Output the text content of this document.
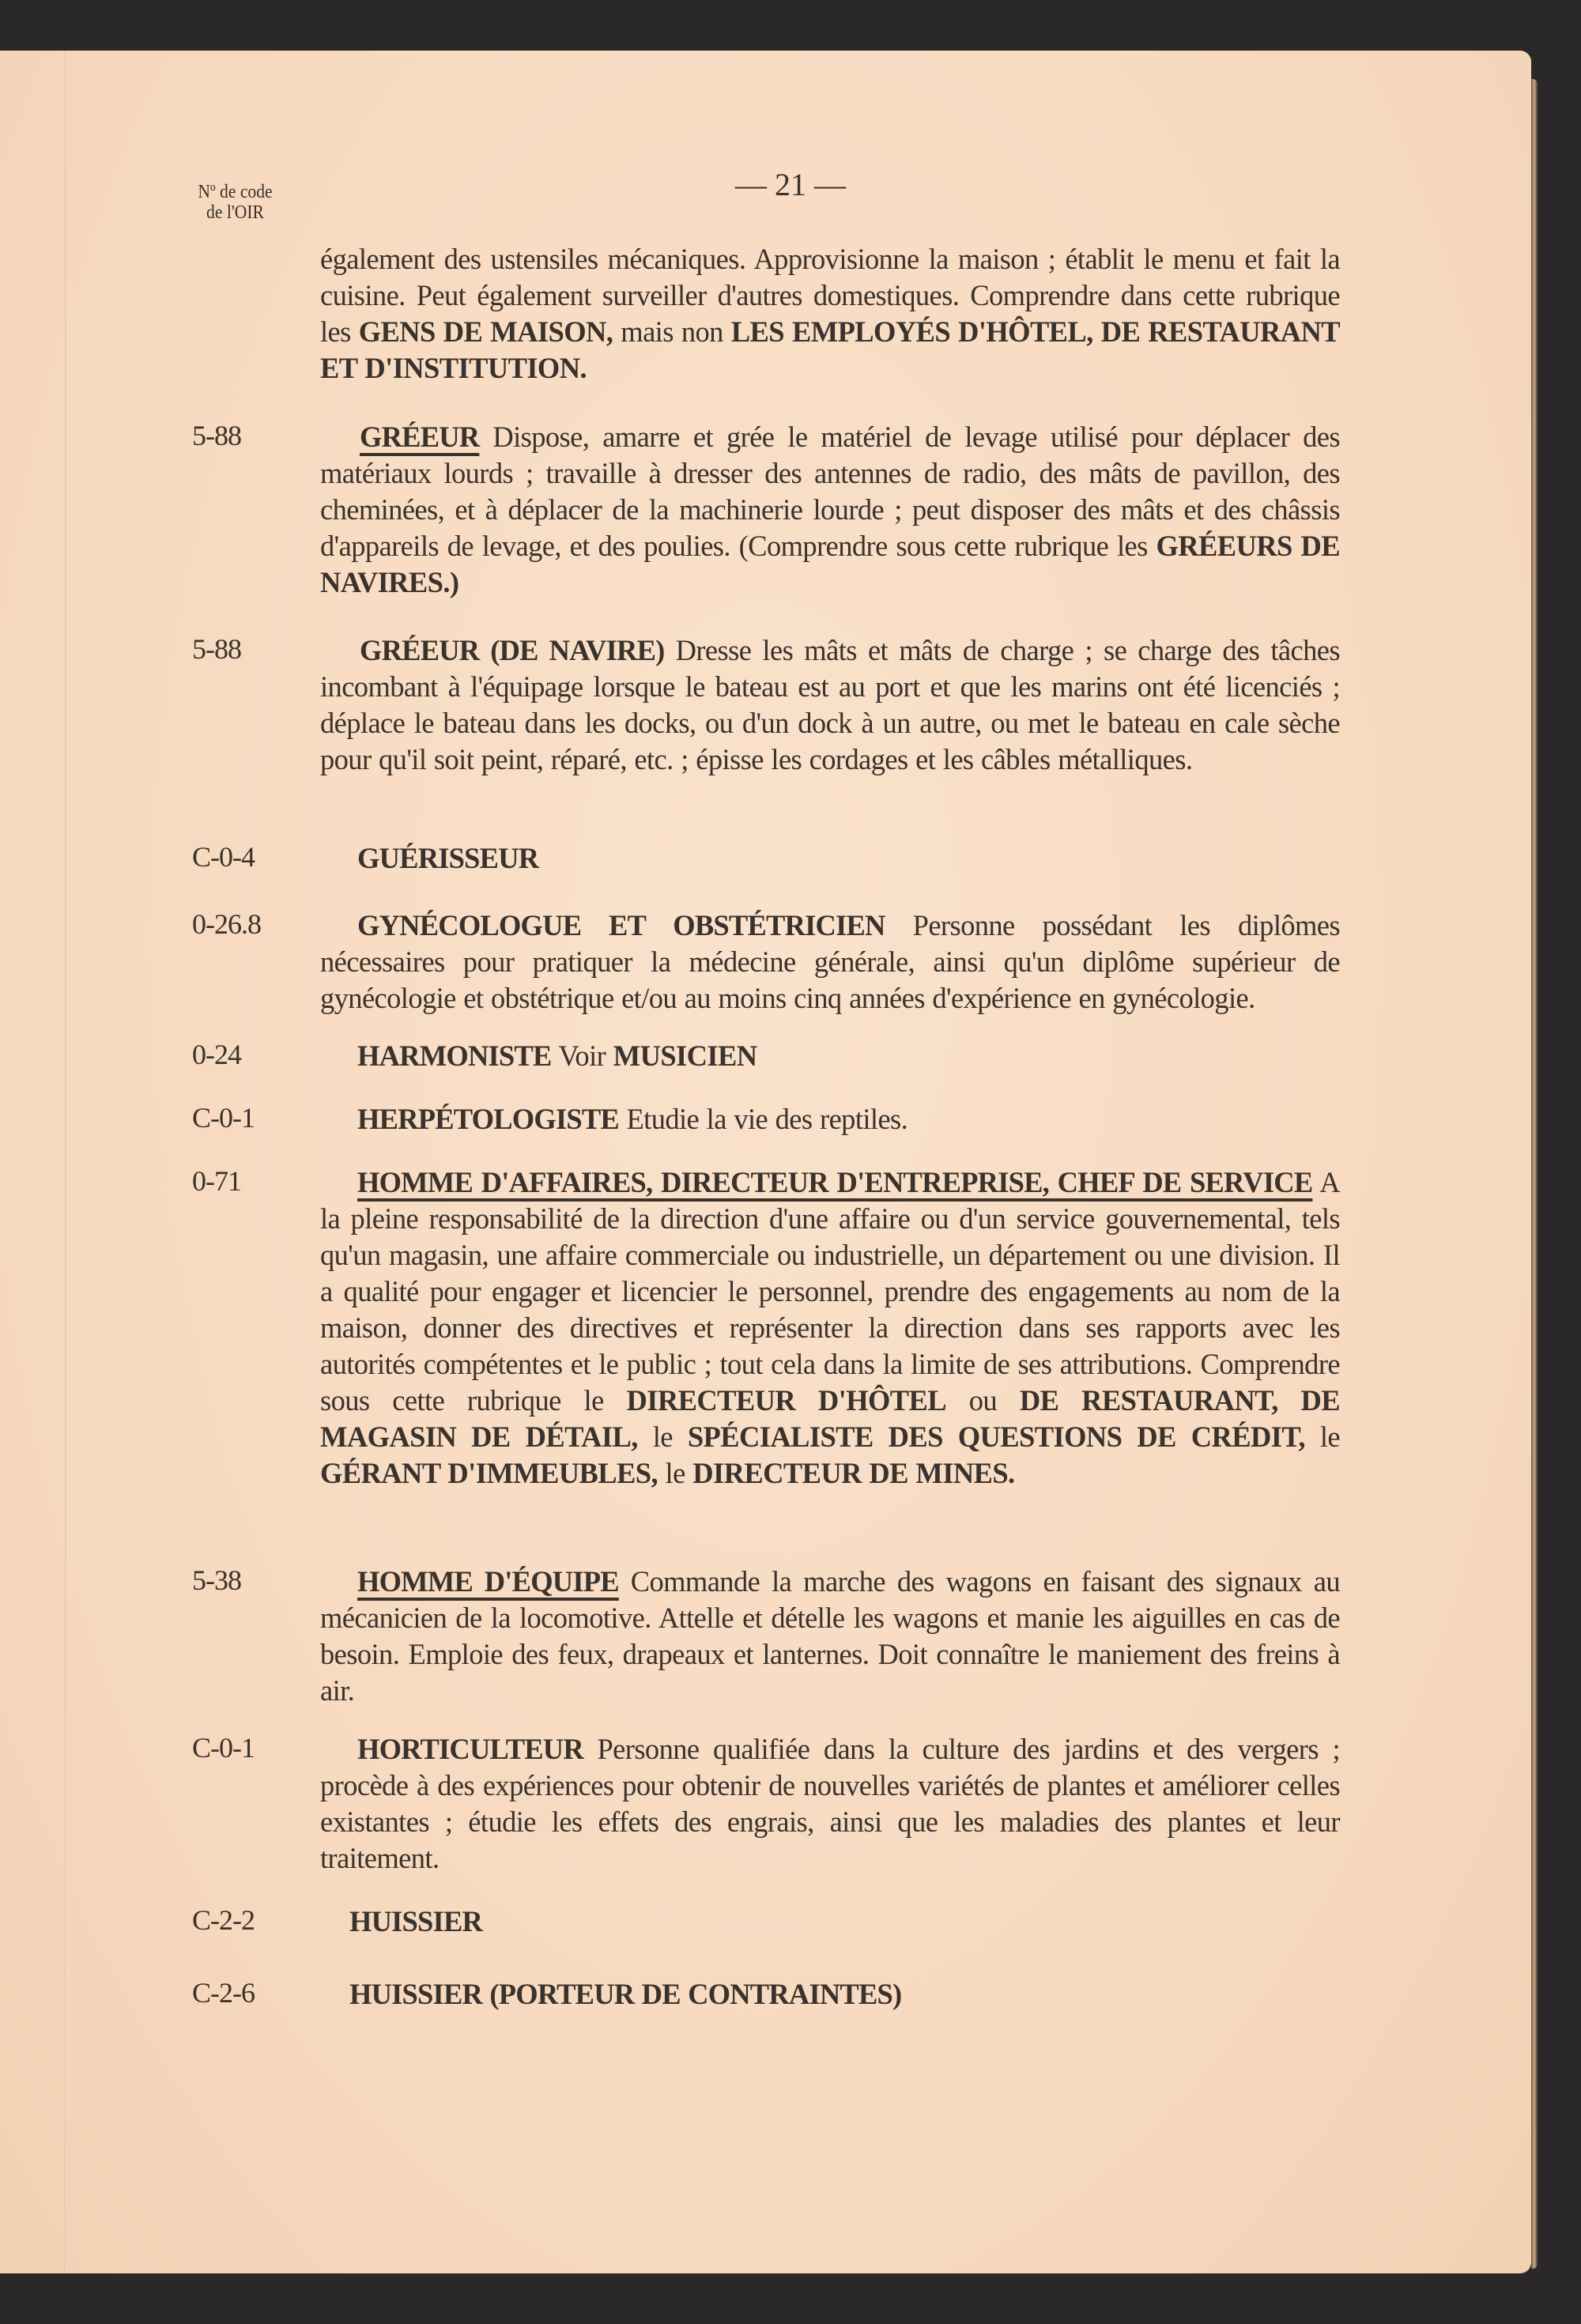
Nº de code
de l'OIR
— 21 —
également des ustensiles mécaniques. Approvisionne la maison ; établit le menu et fait la cuisine. Peut également surveiller d'autres domestiques. Comprendre dans cette rubrique les GENS DE MAISON, mais non LES EMPLOYÉS D'HÔTEL, DE RESTAURANT ET D'INSTITUTION.
5-88	GRÉEUR Dispose, amarre et grée le matériel de levage utilisé pour déplacer des matériaux lourds ; travaille à dresser des antennes de radio, des mâts de pavillon, des cheminées, et à déplacer de la machinerie lourde ; peut disposer des mâts et des châssis d'appareils de levage, et des poulies. (Comprendre sous cette rubrique les GRÉEURS DE NAVIRES.)
5-88	GRÉEUR (DE NAVIRE) Dresse les mâts et mâts de charge ; se charge des tâches incombant à l'équipage lorsque le bateau est au port et que les marins ont été licenciés ; déplace le bateau dans les docks, ou d'un dock à un autre, ou met le bateau en cale sèche pour qu'il soit peint, réparé, etc. ; épisse les cordages et les câbles métalliques.
C-0-4	GUÉRISSEUR
0-26.8	GYNÉCOLOGUE ET OBSTÉTRICIEN Personne possédant les diplômes nécessaires pour pratiquer la médecine générale, ainsi qu'un diplôme supérieur de gynécologie et obstétrique et/ou au moins cinq années d'expérience en gynécologie.
0-24	HARMONISTE Voir MUSICIEN
C-0-1	HERPÉTOLOGISTE Etudie la vie des reptiles.
0-71	HOMME D'AFFAIRES, DIRECTEUR D'ENTREPRISE, CHEF DE SERVICE A la pleine responsabilité de la direction d'une affaire ou d'un service gouvernemental, tels qu'un magasin, une affaire commerciale ou industrielle, un département ou une division. Il a qualité pour engager et licencier le personnel, prendre des engagements au nom de la maison, donner des directives et représenter la direction dans ses rapports avec les autorités compétentes et le public ; tout cela dans la limite de ses attributions. Comprendre sous cette rubrique le DIRECTEUR D'HÔTEL ou DE RESTAURANT, DE MAGASIN DE DÉTAIL, le SPÉCIALISTE DES QUESTIONS DE CRÉDIT, le GÉRANT D'IMMEUBLES, le DIRECTEUR DE MINES.
5-38	HOMME D'ÉQUIPE Commande la marche des wagons en faisant des signaux au mécanicien de la locomotive. Attelle et dételle les wagons et manie les aiguilles en cas de besoin. Emploie des feux, drapeaux et lanternes. Doit connaître le maniement des freins à air.
C-0-1	HORTICULTEUR Personne qualifiée dans la culture des jardins et des vergers ; procède à des expériences pour obtenir de nouvelles variétés de plantes et améliorer celles existantes ; étudie les effets des engrais, ainsi que les maladies des plantes et leur traitement.
C-2-2	HUISSIER
C-2-6	HUISSIER (PORTEUR DE CONTRAINTES)
